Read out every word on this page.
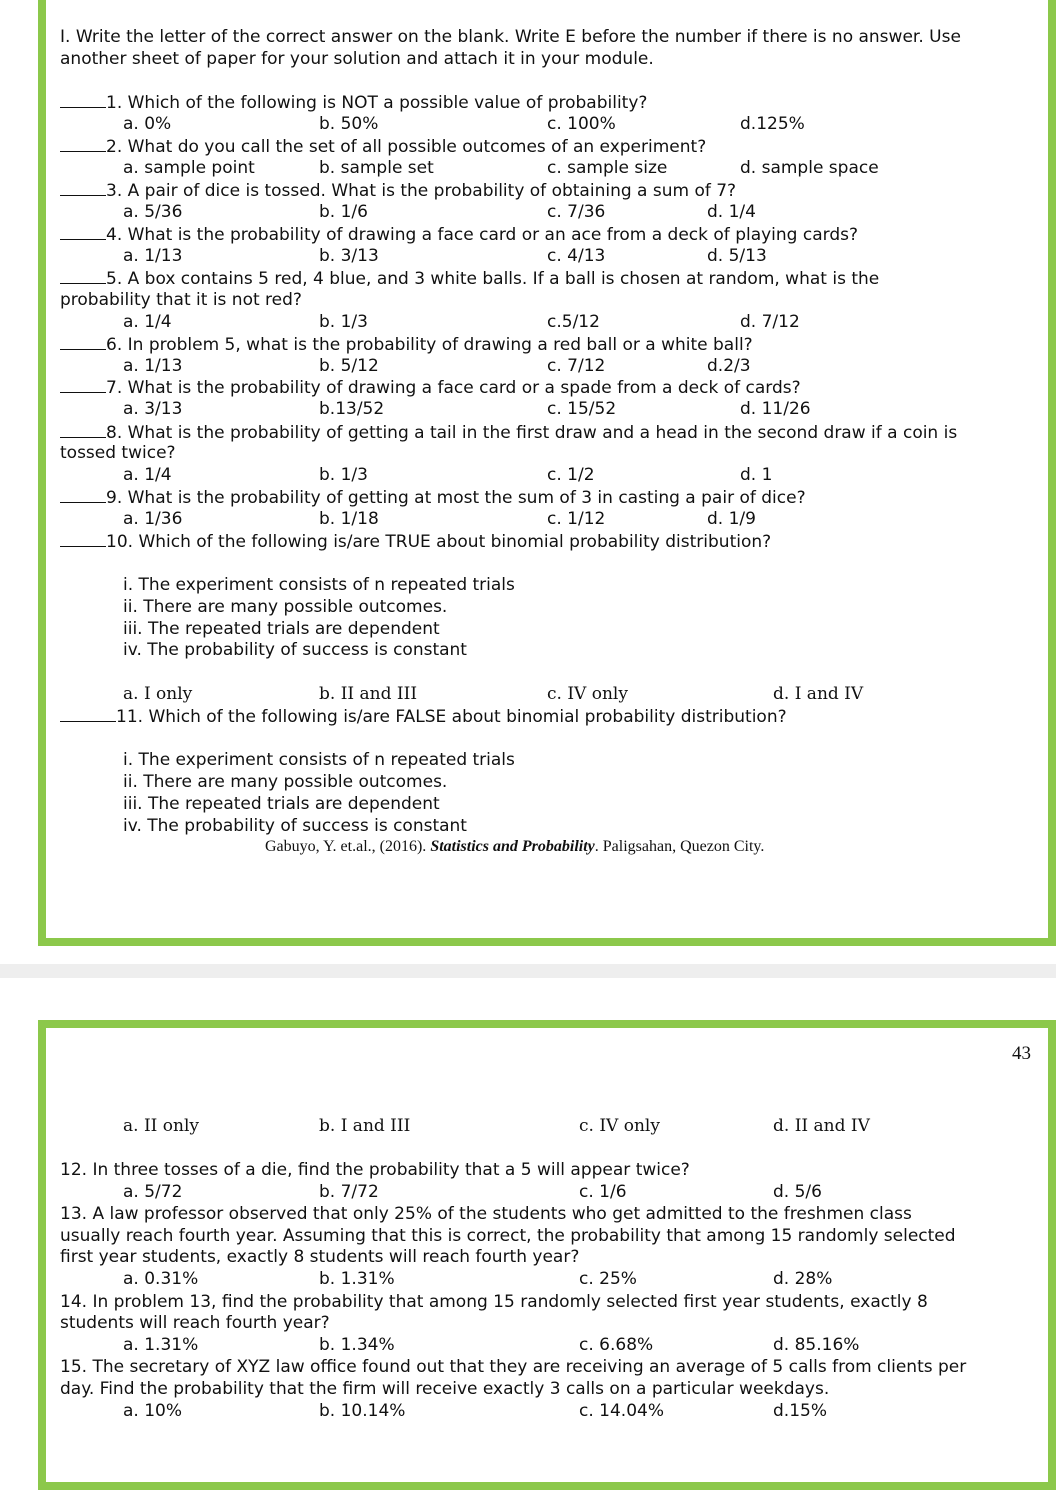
I. Write the letter of the correct answer on the blank. Write E before the number if there is no answer. Use
another sheet of paper for your solution and attach it in your module.
1. Which of the following is NOT a possible value of probability?
a. 0%	b. 50%	c. 100%	d.125%
2. What do you call the set of all possible outcomes of an experiment?
a. sample point	b. sample set	c. sample size	d. sample space
3. A pair of dice is tossed. What is the probability of obtaining a sum of 7?
a. 5/36	b. 1/6	c. 7/36	d. 1/4
4. What is the probability of drawing a face card or an ace from a deck of playing cards?
a. 1/13	b. 3/13	c. 4/13	d. 5/13
5. A box contains 5 red, 4 blue, and 3 white balls. If a ball is chosen at random, what is the
probability that it is not red?
a. 1/4	b. 1/3	c.5/12	d. 7/12
6. In problem 5, what is the probability of drawing a red ball or a white ball?
a. 1/13	b. 5/12	c. 7/12	d.2/3
7. What is the probability of drawing a face card or a spade from a deck of cards?
a. 3/13	b.13/52	c. 15/52	d. 11/26
8. What is the probability of getting a tail in the first draw and a head in the second draw if a coin is
tossed twice?
a. 1/4	b. 1/3	c. 1/2	d. 1
9. What is the probability of getting at most the sum of 3 in casting a pair of dice?
a. 1/36	b. 1/18	c. 1/12	d. 1/9
10. Which of the following is/are TRUE about binomial probability distribution?
i. The experiment consists of n repeated trials
ii. There are many possible outcomes.
iii. The repeated trials are dependent
iv. The probability of success is constant
a. I only	b. II and III	c. IV only	d. I and IV
11. Which of the following is/are FALSE about binomial probability distribution?
i. The experiment consists of n repeated trials
ii. There are many possible outcomes.
iii. The repeated trials are dependent
iv. The probability of success is constant
Gabuyo, Y. et.al., (2016). Statistics and Probability. Paligsahan, Quezon City.
43
a. II only	b. I and III	c. IV only	d. II and IV
12. In three tosses of a die, find the probability that a 5 will appear twice?
a. 5/72	b. 7/72	c. 1/6	d. 5/6
13. A law professor observed that only 25% of the students who get admitted to the freshmen class
usually reach fourth year. Assuming that this is correct, the probability that among 15 randomly selected
first year students, exactly 8 students will reach fourth year?
a. 0.31%	b. 1.31%	c. 25%	d. 28%
14. In problem 13, find the probability that among 15 randomly selected first year students, exactly 8
students will reach fourth year?
a. 1.31%	b. 1.34%	c. 6.68%	d. 85.16%
15. The secretary of XYZ law office found out that they are receiving an average of 5 calls from clients per
day. Find the probability that the firm will receive exactly 3 calls on a particular weekdays.
a. 10%	b. 10.14%	c. 14.04%	d.15%
